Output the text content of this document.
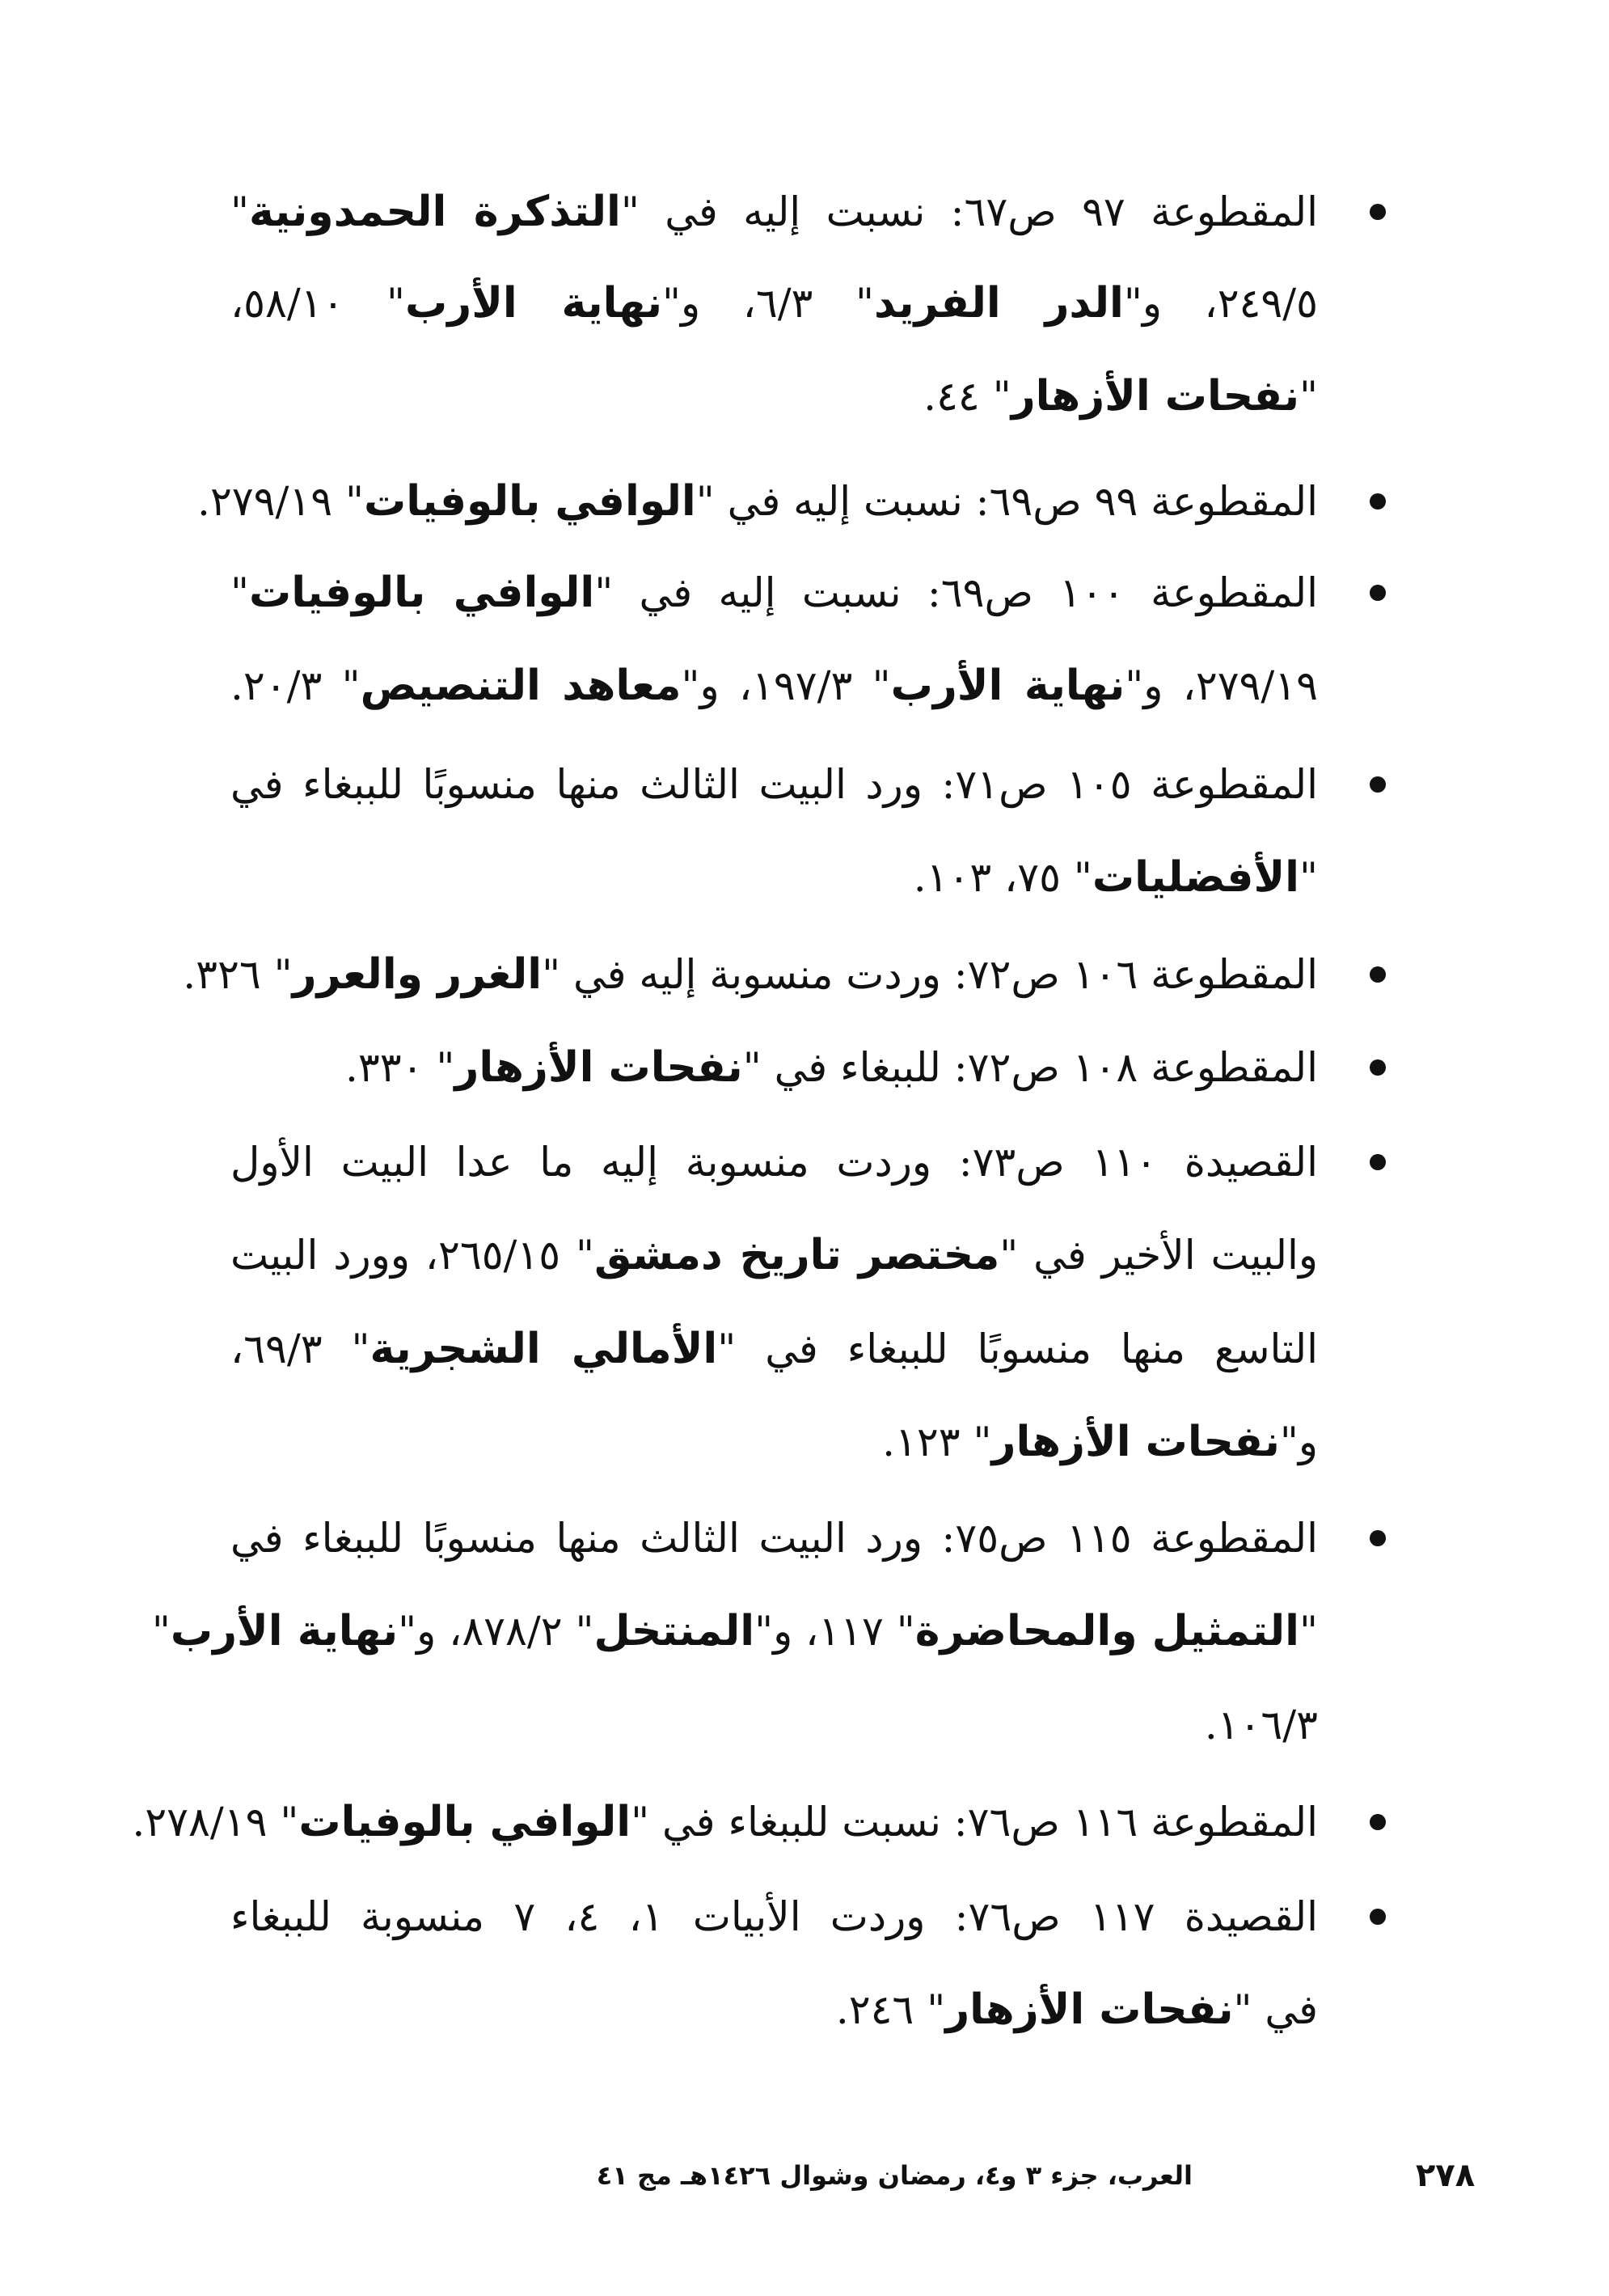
المقطوعة ٩٧ ص٦٧: نسبت إليه في "التذكرة الحمدونية"
٢٤٩/٥، و"الدر الفريد" ٦/٣، و"نهاية الأرب" ٥٨/١٠،
"نفحات الأزهار" ٤٤.
المقطوعة ٩٩ ص٦٩: نسبت إليه في "الوافي بالوفيات" ٢٧٩/١٩.
المقطوعة ١٠٠ ص٦٩: نسبت إليه في "الوافي بالوفيات"
٢٧٩/١٩، و"نهاية الأرب" ١٩٧/٣، و"معاهد التنصيص" ٢٠/٣.
المقطوعة ١٠٥ ص٧١: ورد البيت الثالث منها منسوبًا للببغاء في
"الأفضليات" ٧٥، ١٠٣.
المقطوعة ١٠٦ ص٧٢: وردت منسوبة إليه في "الغرر والعرر" ٣٢٦.
المقطوعة ١٠٨ ص٧٢: للببغاء في "نفحات الأزهار" ٣٣٠.
القصيدة ١١٠ ص٧٣: وردت منسوبة إليه ما عدا البيت الأول
والبيت الأخير في "مختصر تاريخ دمشق" ٢٦٥/١٥، وورد البيت
التاسع منها منسوبًا للببغاء في "الأمالي الشجرية" ٦٩/٣،
و"نفحات الأزهار" ١٢٣.
المقطوعة ١١٥ ص٧٥: ورد البيت الثالث منها منسوبًا للببغاء في
"التمثيل والمحاضرة" ١١٧، و"المنتخل" ٨٧٨/٢، و"نهاية الأرب"
١٠٦/٣.
المقطوعة ١١٦ ص٧٦: نسبت للببغاء في "الوافي بالوفيات" ٢٧٨/١٩.
القصيدة ١١٧ ص٧٦: وردت الأبيات ١، ٤، ٧ منسوبة للببغاء
في "نفحات الأزهار" ٢٤٦.
٢٧٨
العرب، جزء ٣ و٤، رمضان وشوال ١٤٢٦هـ مج ٤١
